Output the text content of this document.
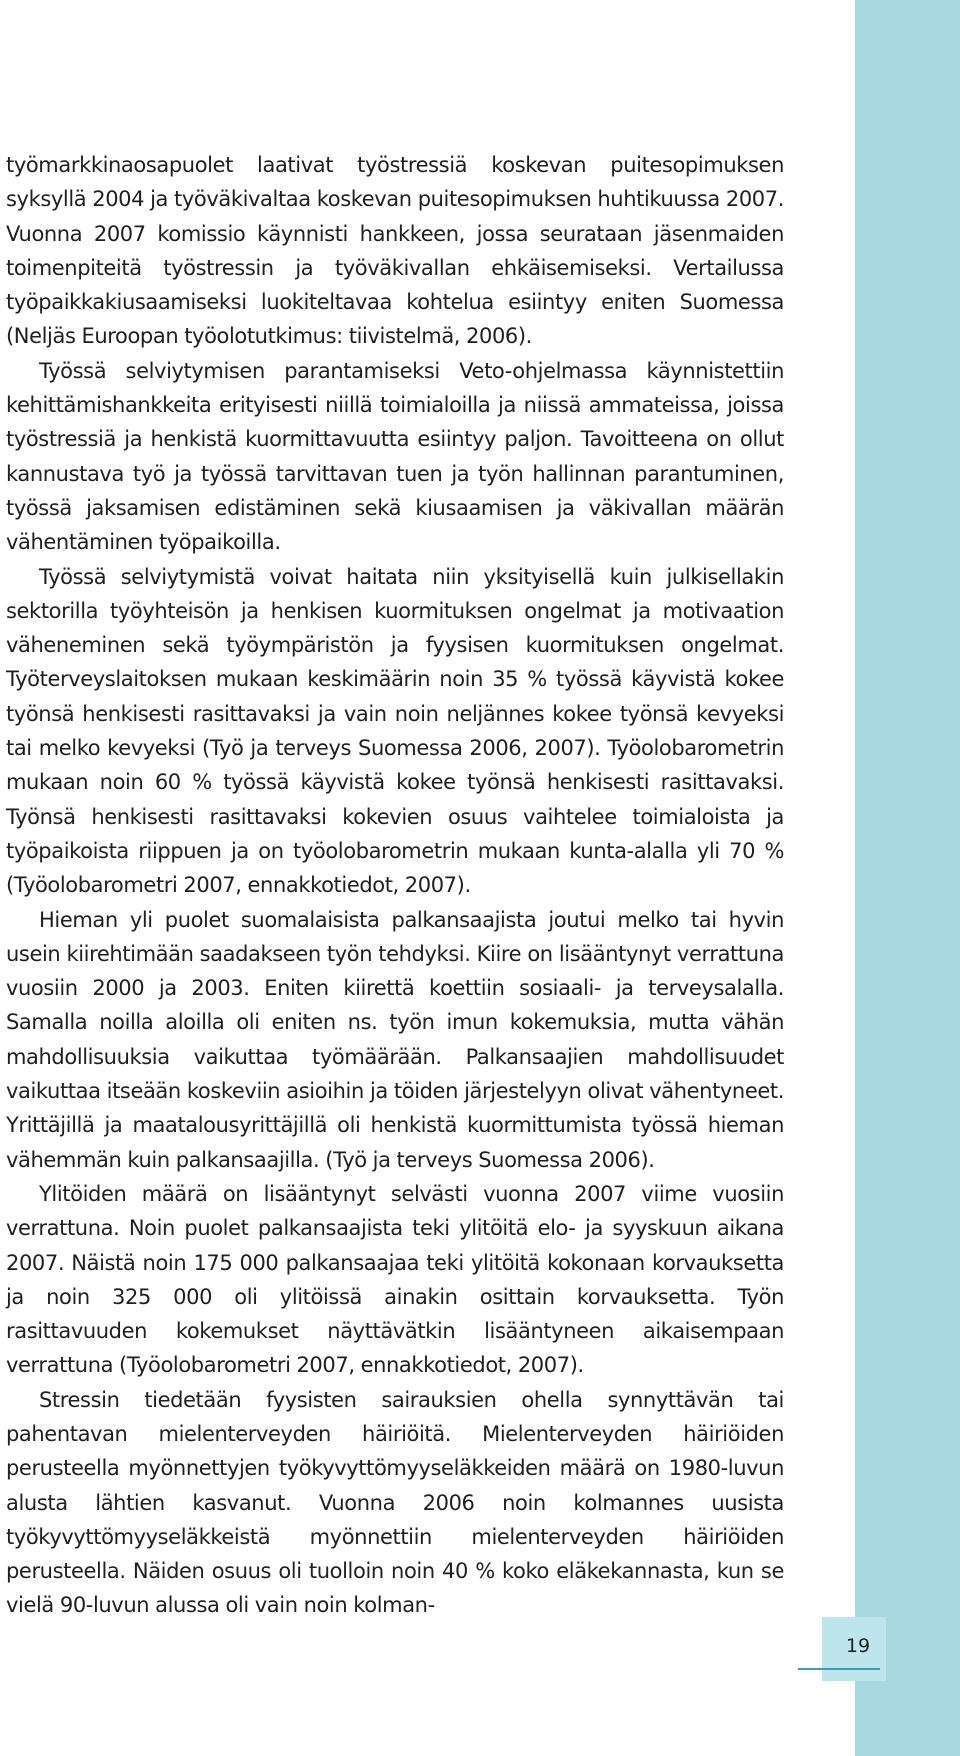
työmarkkinaosapuolet laativat työstressiä koskevan puitesopimuksen syksyllä 2004 ja työväkivaltaa koskevan puitesopimuksen huhtikuussa 2007. Vuonna 2007 komissio käynnisti hankkeen, jossa seurataan jäsenmaiden toimenpiteitä työstressin ja työväkivallan ehkäisemiseksi. Vertailussa työpaikkakiusaamiseksi luokiteltavaa kohtelua esiintyy eniten Suomessa (Neljäs Euroopan työolotutkimus: tiivistelmä, 2006).

Työssä selviytymisen parantamiseksi Veto-ohjelmassa käynnistettiin kehittämishankkeita erityisesti niillä toimialoilla ja niissä ammateissa, joissa työstressiä ja henkistä kuormittavuutta esiintyy paljon. Tavoitteena on ollut kannustava työ ja työssä tarvittavan tuen ja työn hallinnan parantuminen, työssä jaksamisen edistäminen sekä kiusaamisen ja väkivallan määrän vähentäminen työpaikoilla.

Työssä selviytymistä voivat haitata niin yksityisellä kuin julkisellakin sektorilla työyhteisön ja henkisen kuormituksen ongelmat ja motivaation väheneminen sekä työympäristön ja fyysisen kuormituksen ongelmat. Työterveyslaitoksen mukaan keskimäärin noin 35 % työssä käyvistä kokee työnsä henkisesti rasittavaksi ja vain noin neljännes kokee työnsä kevyeksi tai melko kevyeksi (Työ ja terveys Suomessa 2006, 2007). Työolobarometrin mukaan noin 60 % työssä käyvistä kokee työnsä henkisesti rasittavaksi. Työnsä henkisesti rasittavaksi kokevien osuus vaihtelee toimialoista ja työpaikoista riippuen ja on työolobarometrin mukaan kunta-alalla yli 70 % (Työolobarometri 2007, ennakkotiedot, 2007).

Hieman yli puolet suomalaisista palkansaajista joutui melko tai hyvin usein kiirehtimään saadakseen työn tehdyksi. Kiire on lisääntynyt verrattuna vuosiin 2000 ja 2003. Eniten kiirettä koettiin sosiaali- ja terveysalalla. Samalla noilla aloilla oli eniten ns. työn imun kokemuksia, mutta vähän mahdollisuuksia vaikuttaa työmäärään. Palkansaajien mahdollisuudet vaikuttaa itseään koskeviin asioihin ja töiden järjestelyyn olivat vähentyneet. Yrittäjillä ja maatalousyrittäjillä oli henkistä kuormittumista työssä hieman vähemmän kuin palkansaajilla. (Työ ja terveys Suomessa 2006).

Ylitöiden määrä on lisääntynyt selvästi vuonna 2007 viime vuosiin verrattuna. Noin puolet palkansaajista teki ylitöitä elo- ja syyskuun aikana 2007. Näistä noin 175 000 palkansaajaa teki ylitöitä kokonaan korvauksetta ja noin 325 000 oli ylitöissä ainakin osittain korvauksetta. Työn rasittavuuden kokemukset näyttävätkin lisääntyneen aikaisempaan verrattuna (Työolobarometri 2007, ennakkotiedot, 2007).

Stressin tiedetään fyysisten sairauksien ohella synnyttävän tai pahentavan mielenterveyden häiriöitä. Mielenterveyden häiriöiden perusteella myönnettyjen työkyvyttömyyseläkkeiden määrä on 1980-luvun alusta lähtien kasvanut. Vuonna 2006 noin kolmannes uusista työkyvyttömyyseläkkeistä myönnettiin mielenterveyden häiriöiden perusteella. Näiden osuus oli tuolloin noin 40 % koko eläkekannasta, kun se vielä 90-luvun alussa oli vain noin kolman-

19
